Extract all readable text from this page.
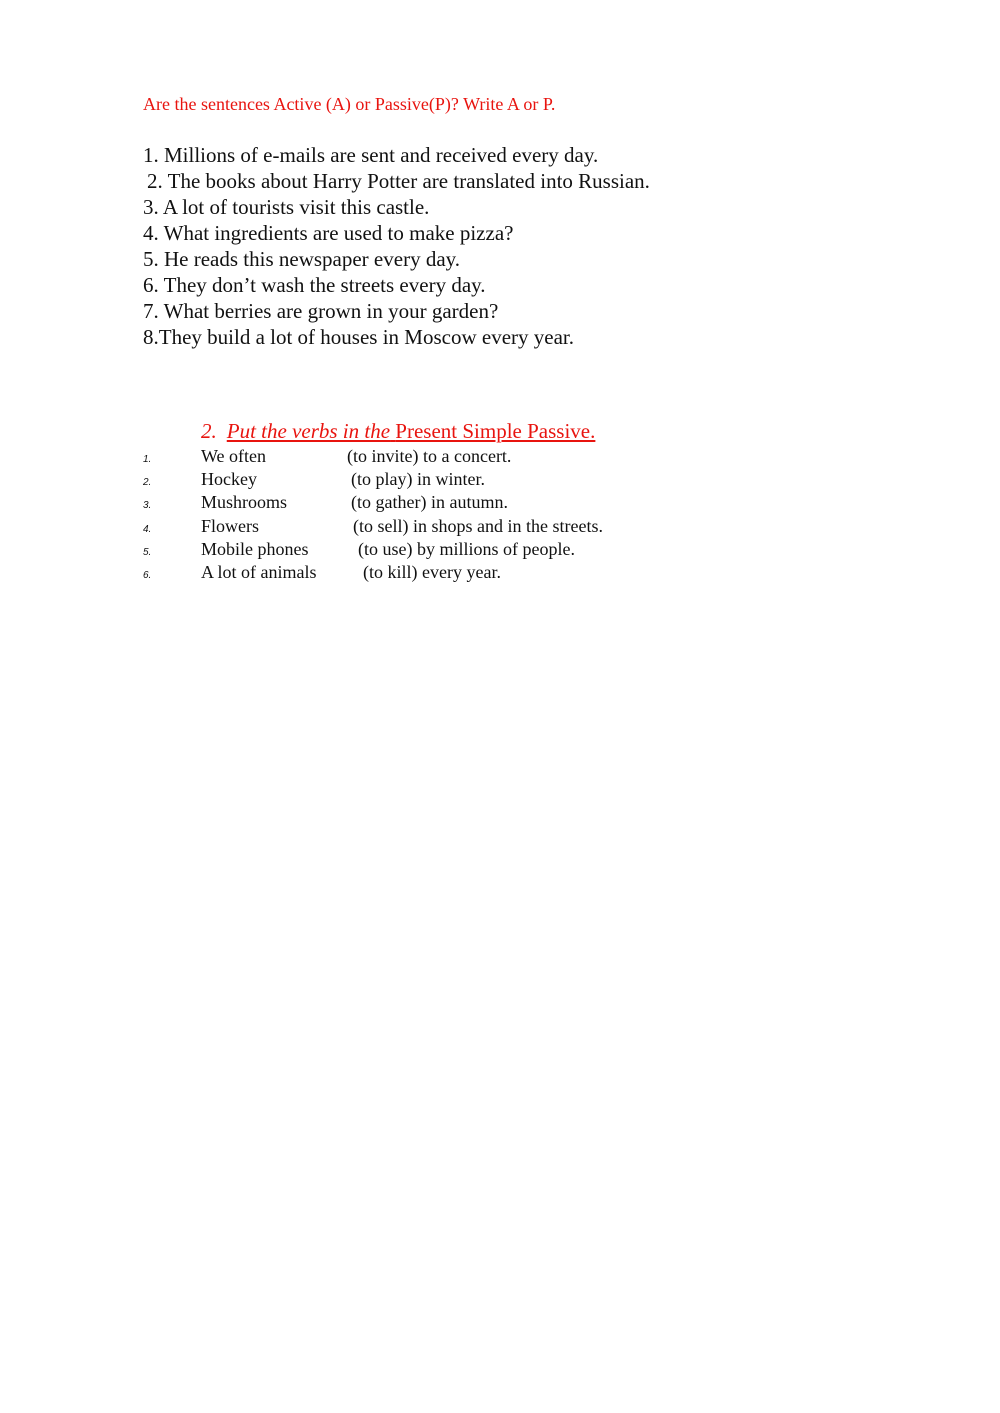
Are the sentences Active (A) or Passive(P)? Write A or P.
1. Millions of e-mails are sent and received every day.
2. The books about Harry Potter are translated into Russian.
3. A lot of tourists visit this castle.
4. What ingredients are used to make pizza?
5. He reads this newspaper every day.
6. They don’t wash the streets every day.
7. What berries are grown in your garden?
8.They build a lot of houses in Moscow every year.
2. Put the verbs in the Present Simple Passive.
1.	We often	(to invite) to a concert.
2.	Hockey	(to play) in winter.
3.	Mushrooms	(to gather) in autumn.
4.	Flowers	(to sell) in shops and in the streets.
5.	Mobile phones	(to use) by millions of people.
6.	A lot of animals	(to kill) every year.
